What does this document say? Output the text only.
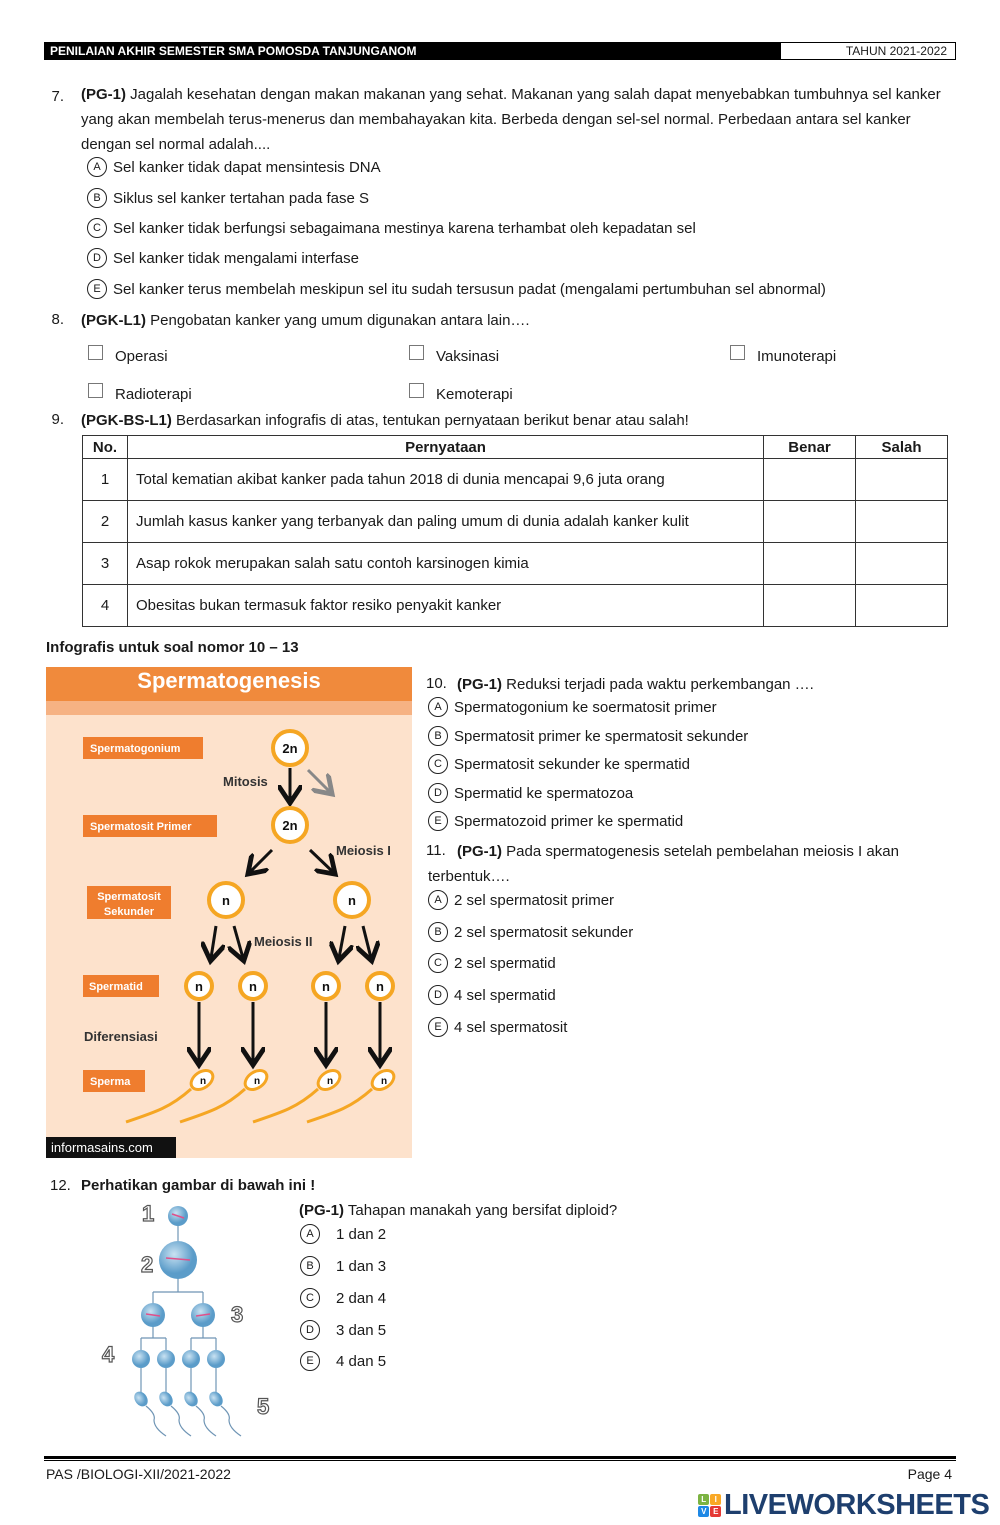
PENILAIAN AKHIR SEMESTER SMA POMOSDA TANJUNGANOM	TAHUN 2021-2022
7. (PG-1) Jagalah kesehatan dengan makan makanan yang sehat. Makanan yang salah dapat menyebabkan tumbuhnya sel kanker yang akan membelah terus-menerus dan membahayakan kita. Berbeda dengan sel-sel normal. Perbedaan antara sel kanker dengan sel normal adalah....
A Sel kanker tidak dapat mensintesis DNA
B Siklus sel kanker tertahan pada fase S
C Sel kanker tidak berfungsi sebagaimana mestinya karena terhambat oleh kepadatan sel
D Sel kanker tidak mengalami interfase
E Sel kanker terus membelah meskipun sel itu sudah tersusun padat (mengalami pertumbuhan sel abnormal)
8. (PGK-L1) Pengobatan kanker yang umum digunakan antara lain….
Operasi	Vaksinasi	Imunoterapi
Radioterapi	Kemoterapi
9. (PGK-BS-L1) Berdasarkan infografis di atas, tentukan pernyataan berikut benar atau salah!
No.	Pernyataan	Benar	Salah
1	Total kematian akibat kanker pada tahun 2018 di dunia mencapai 9,6 juta orang		
2	Jumlah kasus kanker yang terbanyak dan paling umum di dunia adalah kanker kulit		
3	Asap rokok merupakan salah satu contoh karsinogen kimia		
4	Obesitas bukan termasuk faktor resiko penyakit kanker		
Infografis untuk soal nomor 10 – 13
Spermatogenesis
Spermatogonium
Spermatosit Primer
Spermatosit
Sekunder
Spermatid
Sperma
Mitosis
Meiosis I
Meiosis II
Diferensiasi
2n
2n
n	n
n	n	n	n
n	n	n	n
informasains.com
10. (PG-1) Reduksi terjadi pada waktu perkembangan ….
A Spermatogonium ke soermatosit primer
B Spermatosit primer ke spermatosit sekunder
C Spermatosit sekunder ke spermatid
D Spermatid ke spermatozoa
E Spermatozoid primer ke spermatid
11. (PG-1) Pada spermatogenesis setelah pembelahan meiosis I akan terbentuk….
A 2 sel spermatosit primer
B 2 sel spermatosit sekunder
C 2 sel spermatid
D 4 sel spermatid
E 4 sel spermatosit
12. Perhatikan gambar di bawah ini !
1
2
3
4
5
(PG-1) Tahapan manakah yang bersifat diploid?
A	1 dan 2
B	1 dan 3
C	2 dan 4
D	3 dan 5
E	4 dan 5
PAS /BIOLOGI-XII/2021-2022	Page 4
L	I
V E LIVEWORKSHEETS
